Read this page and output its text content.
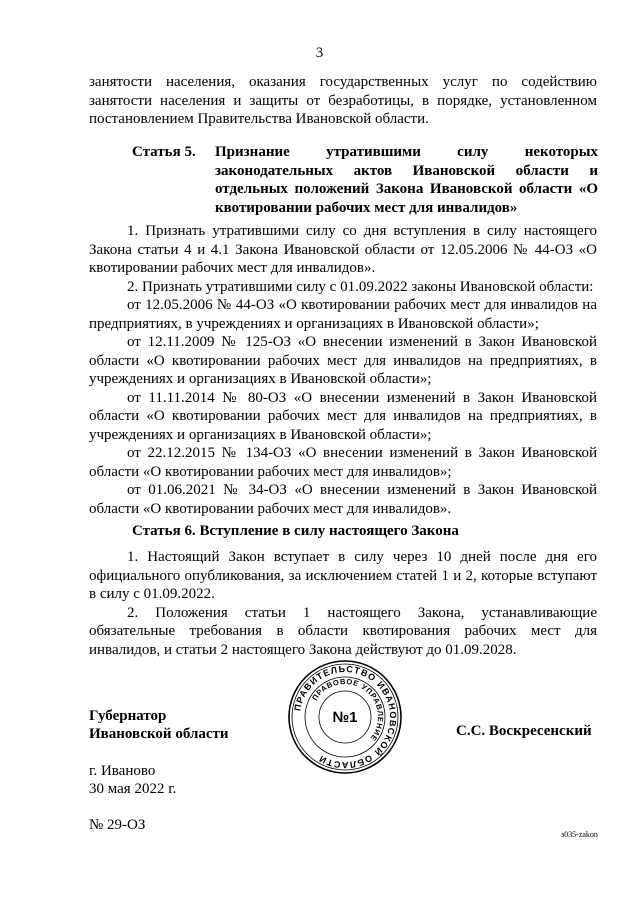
3

занятости населения, оказания государственных услуг по содействию занятости населения и защиты от безработицы, в порядке, установленном постановлением Правительства Ивановской области.

Статья 5. Признание утратившими силу некоторых законодательных актов Ивановской области и отдельных положений Закона Ивановской области «О квотировании рабочих мест для инвалидов»

1. Признать утратившими силу со дня вступления в силу настоящего Закона статьи 4 и 4.1 Закона Ивановской области от 12.05.2006 № 44-ОЗ «О квотировании рабочих мест для инвалидов».

2. Признать утратившими силу с 01.09.2022 законы Ивановской области:

от 12.05.2006 № 44-ОЗ «О квотировании рабочих мест для инвалидов на предприятиях, в учреждениях и организациях в Ивановской области»;

от 12.11.2009 № 125-ОЗ «О внесении изменений в Закон Ивановской области «О квотировании рабочих мест для инвалидов на предприятиях, в учреждениях и организациях в Ивановской области»;

от 11.11.2014 № 80-ОЗ «О внесении изменений в Закон Ивановской области «О квотировании рабочих мест для инвалидов на предприятиях, в учреждениях и организациях в Ивановской области»;

от 22.12.2015 № 134-ОЗ «О внесении изменений в Закон Ивановской области «О квотировании рабочих мест для инвалидов»;

от 01.06.2021 № 34-ОЗ «О внесении изменений в Закон Ивановской области «О квотировании рабочих мест для инвалидов».

Статья 6. Вступление в силу настоящего Закона

1. Настоящий Закон вступает в силу через 10 дней после дня его официального опубликования, за исключением статей 1 и 2, которые вступают в силу с 01.09.2022.

2. Положения статьи 1 настоящего Закона, устанавливающие обязательные требования в области квотирования рабочих мест для инвалидов, и статьи 2 настоящего Закона действуют до 01.09.2028.

Губернатор
Ивановской области	С.С. Воскресенский
ПРАВИТЕЛЬСТВО ИВАНОВСКОЙ ОБЛАСТИ
ПРАВОВОЕ УПРАВЛЕНИЕ
№1
г. Иваново
30 мая 2022 г.
№ 29-ОЗ
з035-zakon
